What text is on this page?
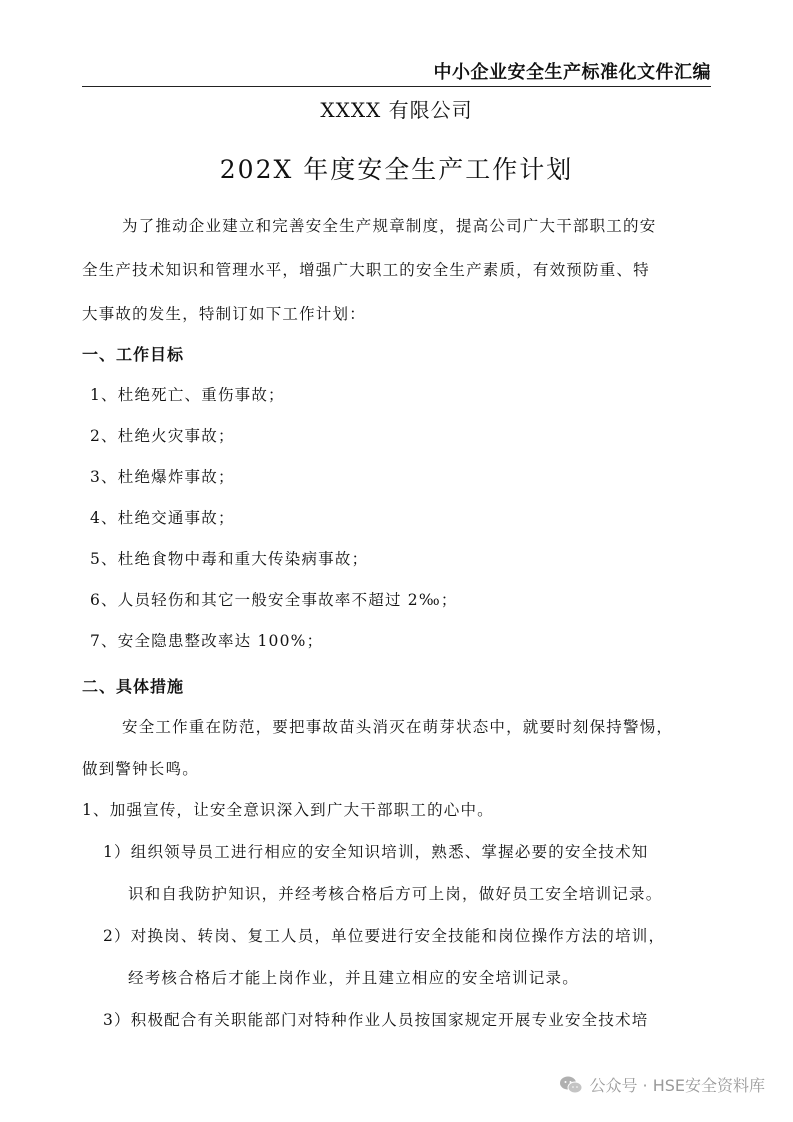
中小企业安全生产标准化文件汇编
XXXX 有限公司
202X 年度安全生产工作计划
为了推动企业建立和完善安全生产规章制度，提高公司广大干部职工的安
全生产技术知识和管理水平，增强广大职工的安全生产素质，有效预防重、特
大事故的发生，特制订如下工作计划：
一、工作目标
1、杜绝死亡、重伤事故；
2、杜绝火灾事故；
3、杜绝爆炸事故；
4、杜绝交通事故；
5、杜绝食物中毒和重大传染病事故；
6、人员轻伤和其它一般安全事故率不超过 2‰；
7、安全隐患整改率达 100%；
二、具体措施
安全工作重在防范，要把事故苗头消灭在萌芽状态中，就要时刻保持警惕，
做到警钟长鸣。
1、加强宣传，让安全意识深入到广大干部职工的心中。
1）组织领导员工进行相应的安全知识培训，熟悉、掌握必要的安全技术知
识和自我防护知识，并经考核合格后方可上岗，做好员工安全培训记录。
2）对换岗、转岗、复工人员，单位要进行安全技能和岗位操作方法的培训，
经考核合格后才能上岗作业，并且建立相应的安全培训记录。
3）积极配合有关职能部门对特种作业人员按国家规定开展专业安全技术培
公众号 · HSE安全资料库
